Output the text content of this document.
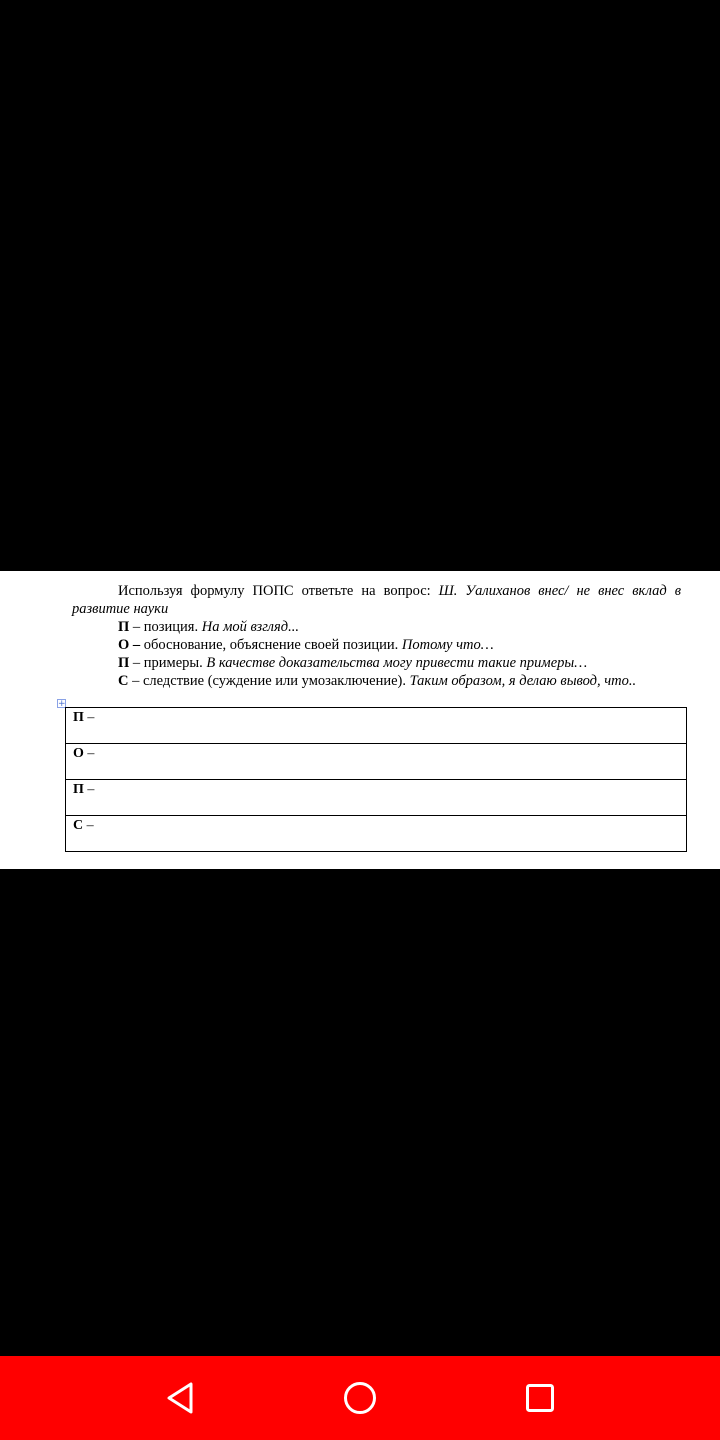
Используя формулу ПОПС ответьте на вопрос: Ш. Уалиханов внес/ не внес вклад в
развитие науки
П – позиция. На мой взгляд...
О – обоснование, объяснение своей позиции. Потому что…
П – примеры. В качестве доказательства могу привести такие примеры…
С – следствие (суждение или умозаключение). Таким образом, я делаю вывод, что..
+
П –
О –
П –
С –
